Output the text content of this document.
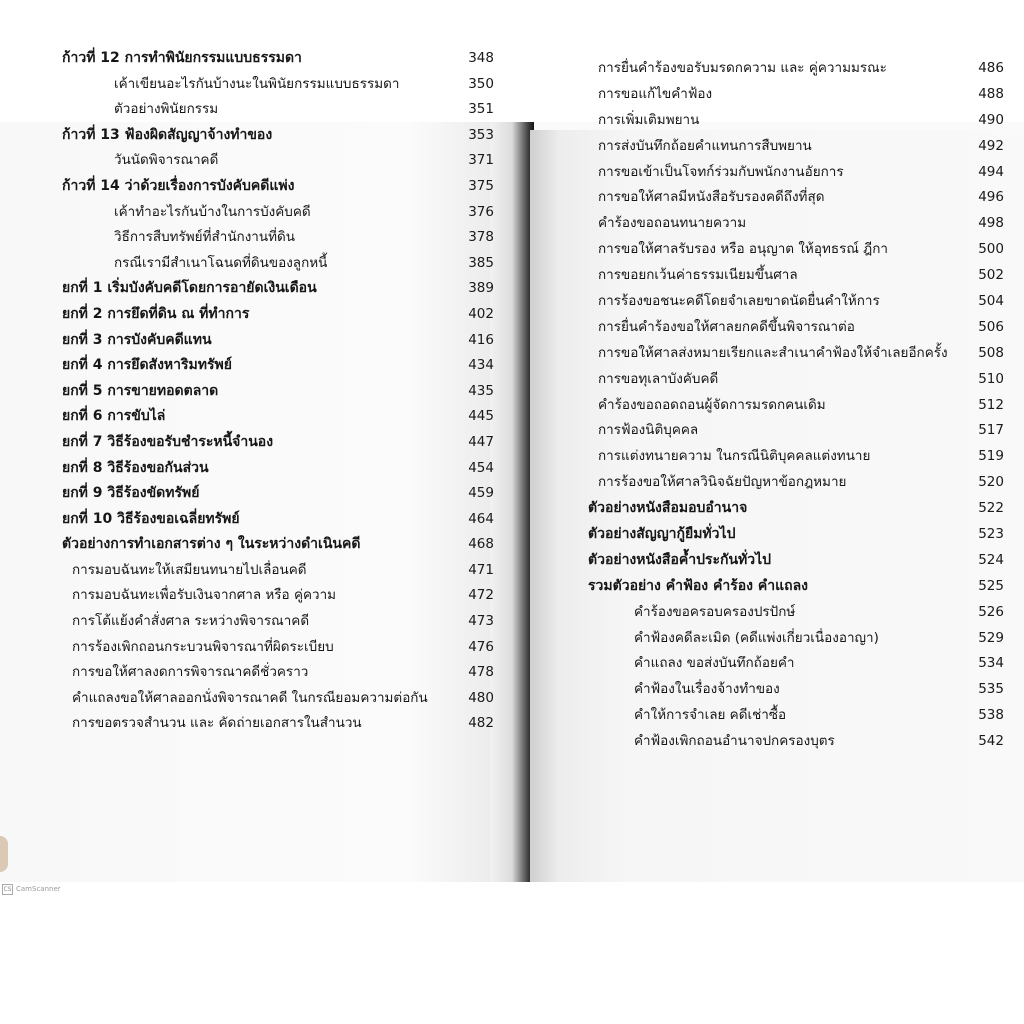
ก้าวที่ 12 การทำพินัยกรรมแบบธรรมดา	348
เค้าเขียนอะไรกันบ้างนะในพินัยกรรมแบบธรรมดา	350
ตัวอย่างพินัยกรรม	351
ก้าวที่ 13 ฟ้องผิดสัญญาจ้างทำของ	353
วันนัดพิจารณาคดี	371
ก้าวที่ 14 ว่าด้วยเรื่องการบังคับคดีแพ่ง	375
เค้าทำอะไรกันบ้างในการบังคับคดี	376
วิธีการสืบทรัพย์ที่สำนักงานที่ดิน	378
กรณีเรามีสำเนาโฉนดที่ดินของลูกหนี้	385
ยกที่ 1 เริ่มบังคับคดีโดยการอายัดเงินเดือน	389
ยกที่ 2 การยึดที่ดิน ณ ที่ทำการ	402
ยกที่ 3 การบังคับคดีแทน	416
ยกที่ 4 การยึดสังหาริมทรัพย์	434
ยกที่ 5 การขายทอดตลาด	435
ยกที่ 6 การขับไล่	445
ยกที่ 7 วิธีร้องขอรับชำระหนี้จำนอง	447
ยกที่ 8 วิธีร้องขอกันส่วน	454
ยกที่ 9 วิธีร้องขัดทรัพย์	459
ยกที่ 10 วิธีร้องขอเฉลี่ยทรัพย์	464
ตัวอย่างการทำเอกสารต่าง ๆ ในระหว่างดำเนินคดี	468
การมอบฉันทะให้เสมียนทนายไปเลื่อนคดี	471
การมอบฉันทะเพื่อรับเงินจากศาล หรือ คู่ความ	472
การโต้แย้งคำสั่งศาล ระหว่างพิจารณาคดี	473
การร้องเพิกถอนกระบวนพิจารณาที่ผิดระเบียบ	476
การขอให้ศาลงดการพิจารณาคดีชั่วคราว	478
คำแถลงขอให้ศาลออกนั่งพิจารณาคดี ในกรณียอมความต่อกัน	480
การขอตรวจสำนวน และ คัดถ่ายเอกสารในสำนวน	482
การยื่นคำร้องขอรับมรดกความ และ คู่ความมรณะ	486
การขอแก้ไขคำฟ้อง	488
การเพิ่มเติมพยาน	490
การส่งบันทึกถ้อยคำแทนการสืบพยาน	492
การขอเข้าเป็นโจทก์ร่วมกับพนักงานอัยการ	494
การขอให้ศาลมีหนังสือรับรองคดีถึงที่สุด	496
คำร้องขอถอนทนายความ	498
การขอให้ศาลรับรอง หรือ อนุญาต ให้อุทธรณ์ ฎีกา	500
การขอยกเว้นค่าธรรมเนียมขึ้นศาล	502
การร้องขอชนะคดีโดยจำเลยขาดนัดยื่นคำให้การ	504
การยื่นคำร้องขอให้ศาลยกคดีขึ้นพิจารณาต่อ	506
การขอให้ศาลส่งหมายเรียกและสำเนาคำฟ้องให้จำเลยอีกครั้ง 508
การขอทุเลาบังคับคดี	510
คำร้องขอถอดถอนผู้จัดการมรดกคนเดิม	512
การฟ้องนิติบุคคล	517
การแต่งทนายความ ในกรณีนิติบุคคลแต่งทนาย	519
การร้องขอให้ศาลวินิจฉัยปัญหาข้อกฎหมาย	520
ตัวอย่างหนังสือมอบอำนาจ	522
ตัวอย่างสัญญากู้ยืมทั่วไป	523
ตัวอย่างหนังสือค้ำประกันทั่วไป	524
รวมตัวอย่าง คำฟ้อง คำร้อง คำแถลง	525
คำร้องขอครอบครองปรปักษ์	526
คำฟ้องคดีละเมิด (คดีแพ่งเกี่ยวเนื่องอาญา)	529
คำแถลง ขอส่งบันทึกถ้อยคำ	534
คำฟ้องในเรื่องจ้างทำของ	535
คำให้การจำเลย คดีเช่าซื้อ	538
คำฟ้องเพิกถอนอำนาจปกครองบุตร	542
CS CamScanner
